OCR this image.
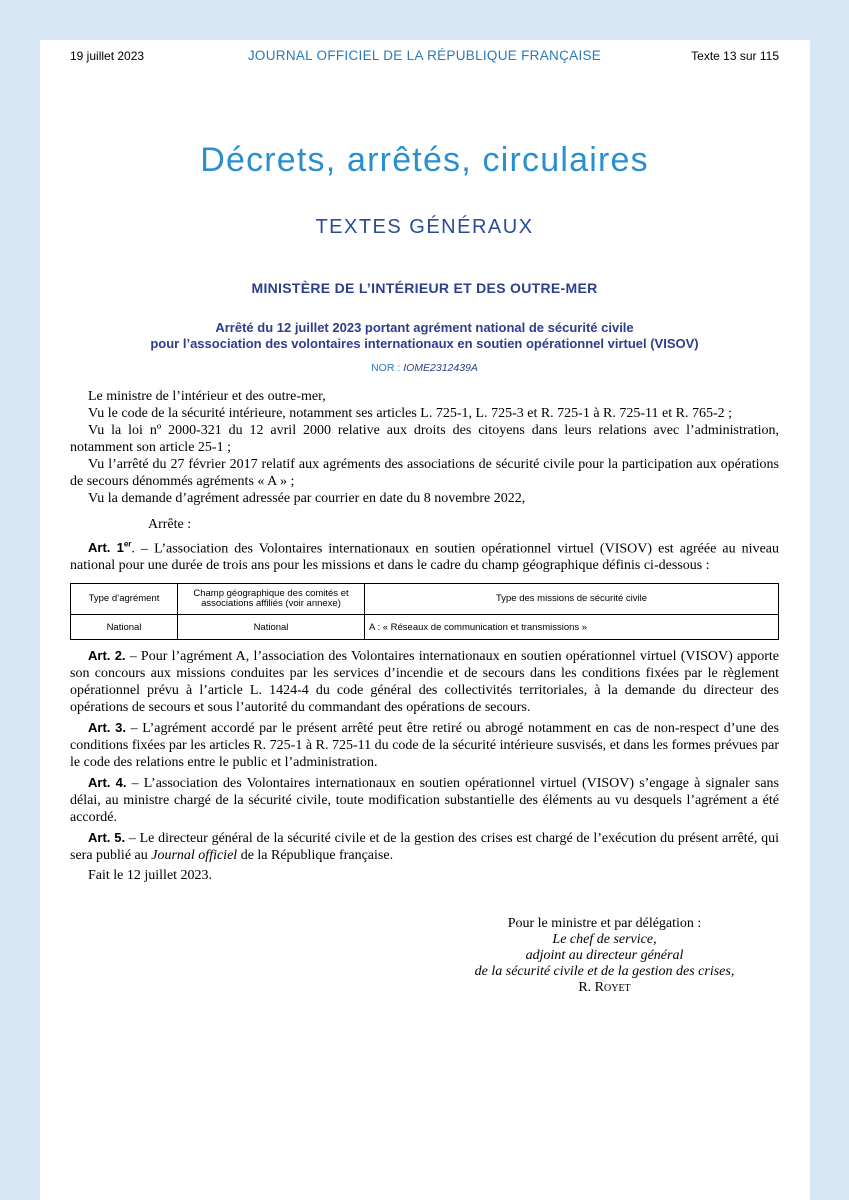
19 juillet 2023	JOURNAL OFFICIEL DE LA RÉPUBLIQUE FRANÇAISE	Texte 13 sur 115
Décrets, arrêtés, circulaires
TEXTES GÉNÉRAUX
MINISTÈRE DE L’INTÉRIEUR ET DES OUTRE-MER
Arrêté du 12 juillet 2023 portant agrément national de sécurité civile
pour l’association des volontaires internationaux en soutien opérationnel virtuel (VISOV)
NOR : IOME2312439A

Le ministre de l’intérieur et des outre-mer,

Vu le code de la sécurité intérieure, notamment ses articles L. 725-1, L. 725-3 et R. 725-1 à R. 725-11 et R. 765-2 ;

Vu la loi nº 2000-321 du 12 avril 2000 relative aux droits des citoyens dans leurs relations avec l’administration, notamment son article 25-1 ;

Vu l’arrêté du 27 février 2017 relatif aux agréments des associations de sécurité civile pour la participation aux opérations de secours dénommés agréments « A » ;

Vu la demande d’agrément adressée par courrier en date du 8 novembre 2022,

Arrête :

Art. 1er. – L’association des Volontaires internationaux en soutien opérationnel virtuel (VISOV) est agréée au niveau national pour une durée de trois ans pour les missions et dans le cadre du champ géographique définis ci-dessous :

Type d’agrément	Champ géographique des comités et associations affiliés (voir annexe)	Type des missions de sécurité civile
National	National	A : « Réseaux de communication et transmissions »

Art. 2. – Pour l’agrément A, l’association des Volontaires internationaux en soutien opérationnel virtuel (VISOV) apporte son concours aux missions conduites par les services d’incendie et de secours dans les conditions fixées par le règlement opérationnel prévu à l’article L. 1424-4 du code général des collectivités territoriales, à la demande du directeur des opérations de secours et sous l’autorité du commandant des opérations de secours.

Art. 3. – L’agrément accordé par le présent arrêté peut être retiré ou abrogé notamment en cas de non-respect d’une des conditions fixées par les articles R. 725-1 à R. 725-11 du code de la sécurité intérieure susvisés, et dans les formes prévues par le code des relations entre le public et l’administration.

Art. 4. – L’association des Volontaires internationaux en soutien opérationnel virtuel (VISOV) s’engage à signaler sans délai, au ministre chargé de la sécurité civile, toute modification substantielle des éléments au vu desquels l’agrément a été accordé.

Art. 5. – Le directeur général de la sécurité civile et de la gestion des crises est chargé de l’exécution du présent arrêté, qui sera publié au Journal officiel de la République française.

Fait le 12 juillet 2023.

Pour le ministre et par délégation :
Le chef de service,
adjoint au directeur général
de la sécurité civile et de la gestion des crises,
R. Royet
